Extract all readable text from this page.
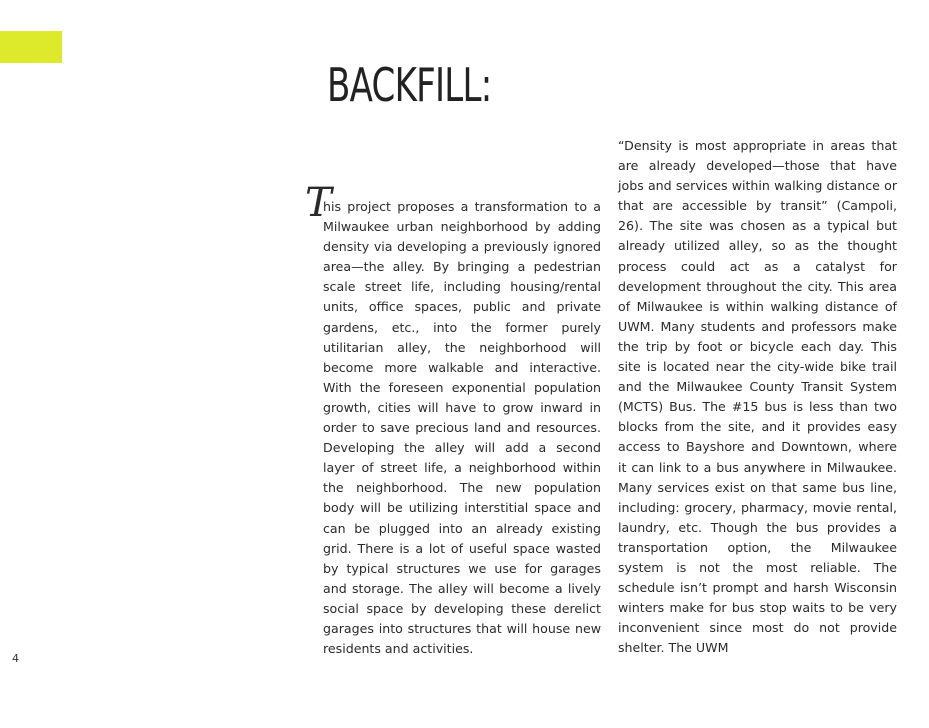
BACKFILL:
T

his project proposes a transformation to a Milwaukee urban neighborhood by adding density via developing a previously ignored area—the alley. By bringing a pedestrian scale street life, including housing/rental units, office spaces, public and private gardens, etc., into the former purely utilitarian alley, the neighborhood will become more walkable and interactive. With the foreseen exponential population growth, cities will have to grow inward in order to save precious land and resources. Developing the alley will add a second layer of street life, a neighborhood within the neighborhood. The new population body will be utilizing interstitial space and can be plugged into an already existing grid. There is a lot of useful space wasted by typical structures we use for garages and storage. The alley will become a lively social space by developing these derelict garages into structures that will house new residents and activities.

“Density is most appropriate in areas that are already developed—those that have jobs and services within walking distance or that are accessible by transit” (Campoli, 26). The site was chosen as a typical but already utilized alley, so as the thought process could act as a catalyst for development throughout the city. This area of Milwaukee is within walking distance of UWM. Many students and professors make the trip by foot or bicycle each day. This site is located near the city-wide bike trail and the Milwaukee County Transit System (MCTS) Bus. The #15 bus is less than two blocks from the site, and it provides easy access to Bayshore and Downtown, where it can link to a bus anywhere in Milwaukee. Many services exist on that same bus line, including: grocery, pharmacy, movie rental, laundry, etc. Though the bus provides a transportation option, the Milwaukee system is not the most reliable. The schedule isn’t prompt and harsh Wisconsin winters make for bus stop waits to be very inconvenient since most do not provide shelter. The UWM

4
